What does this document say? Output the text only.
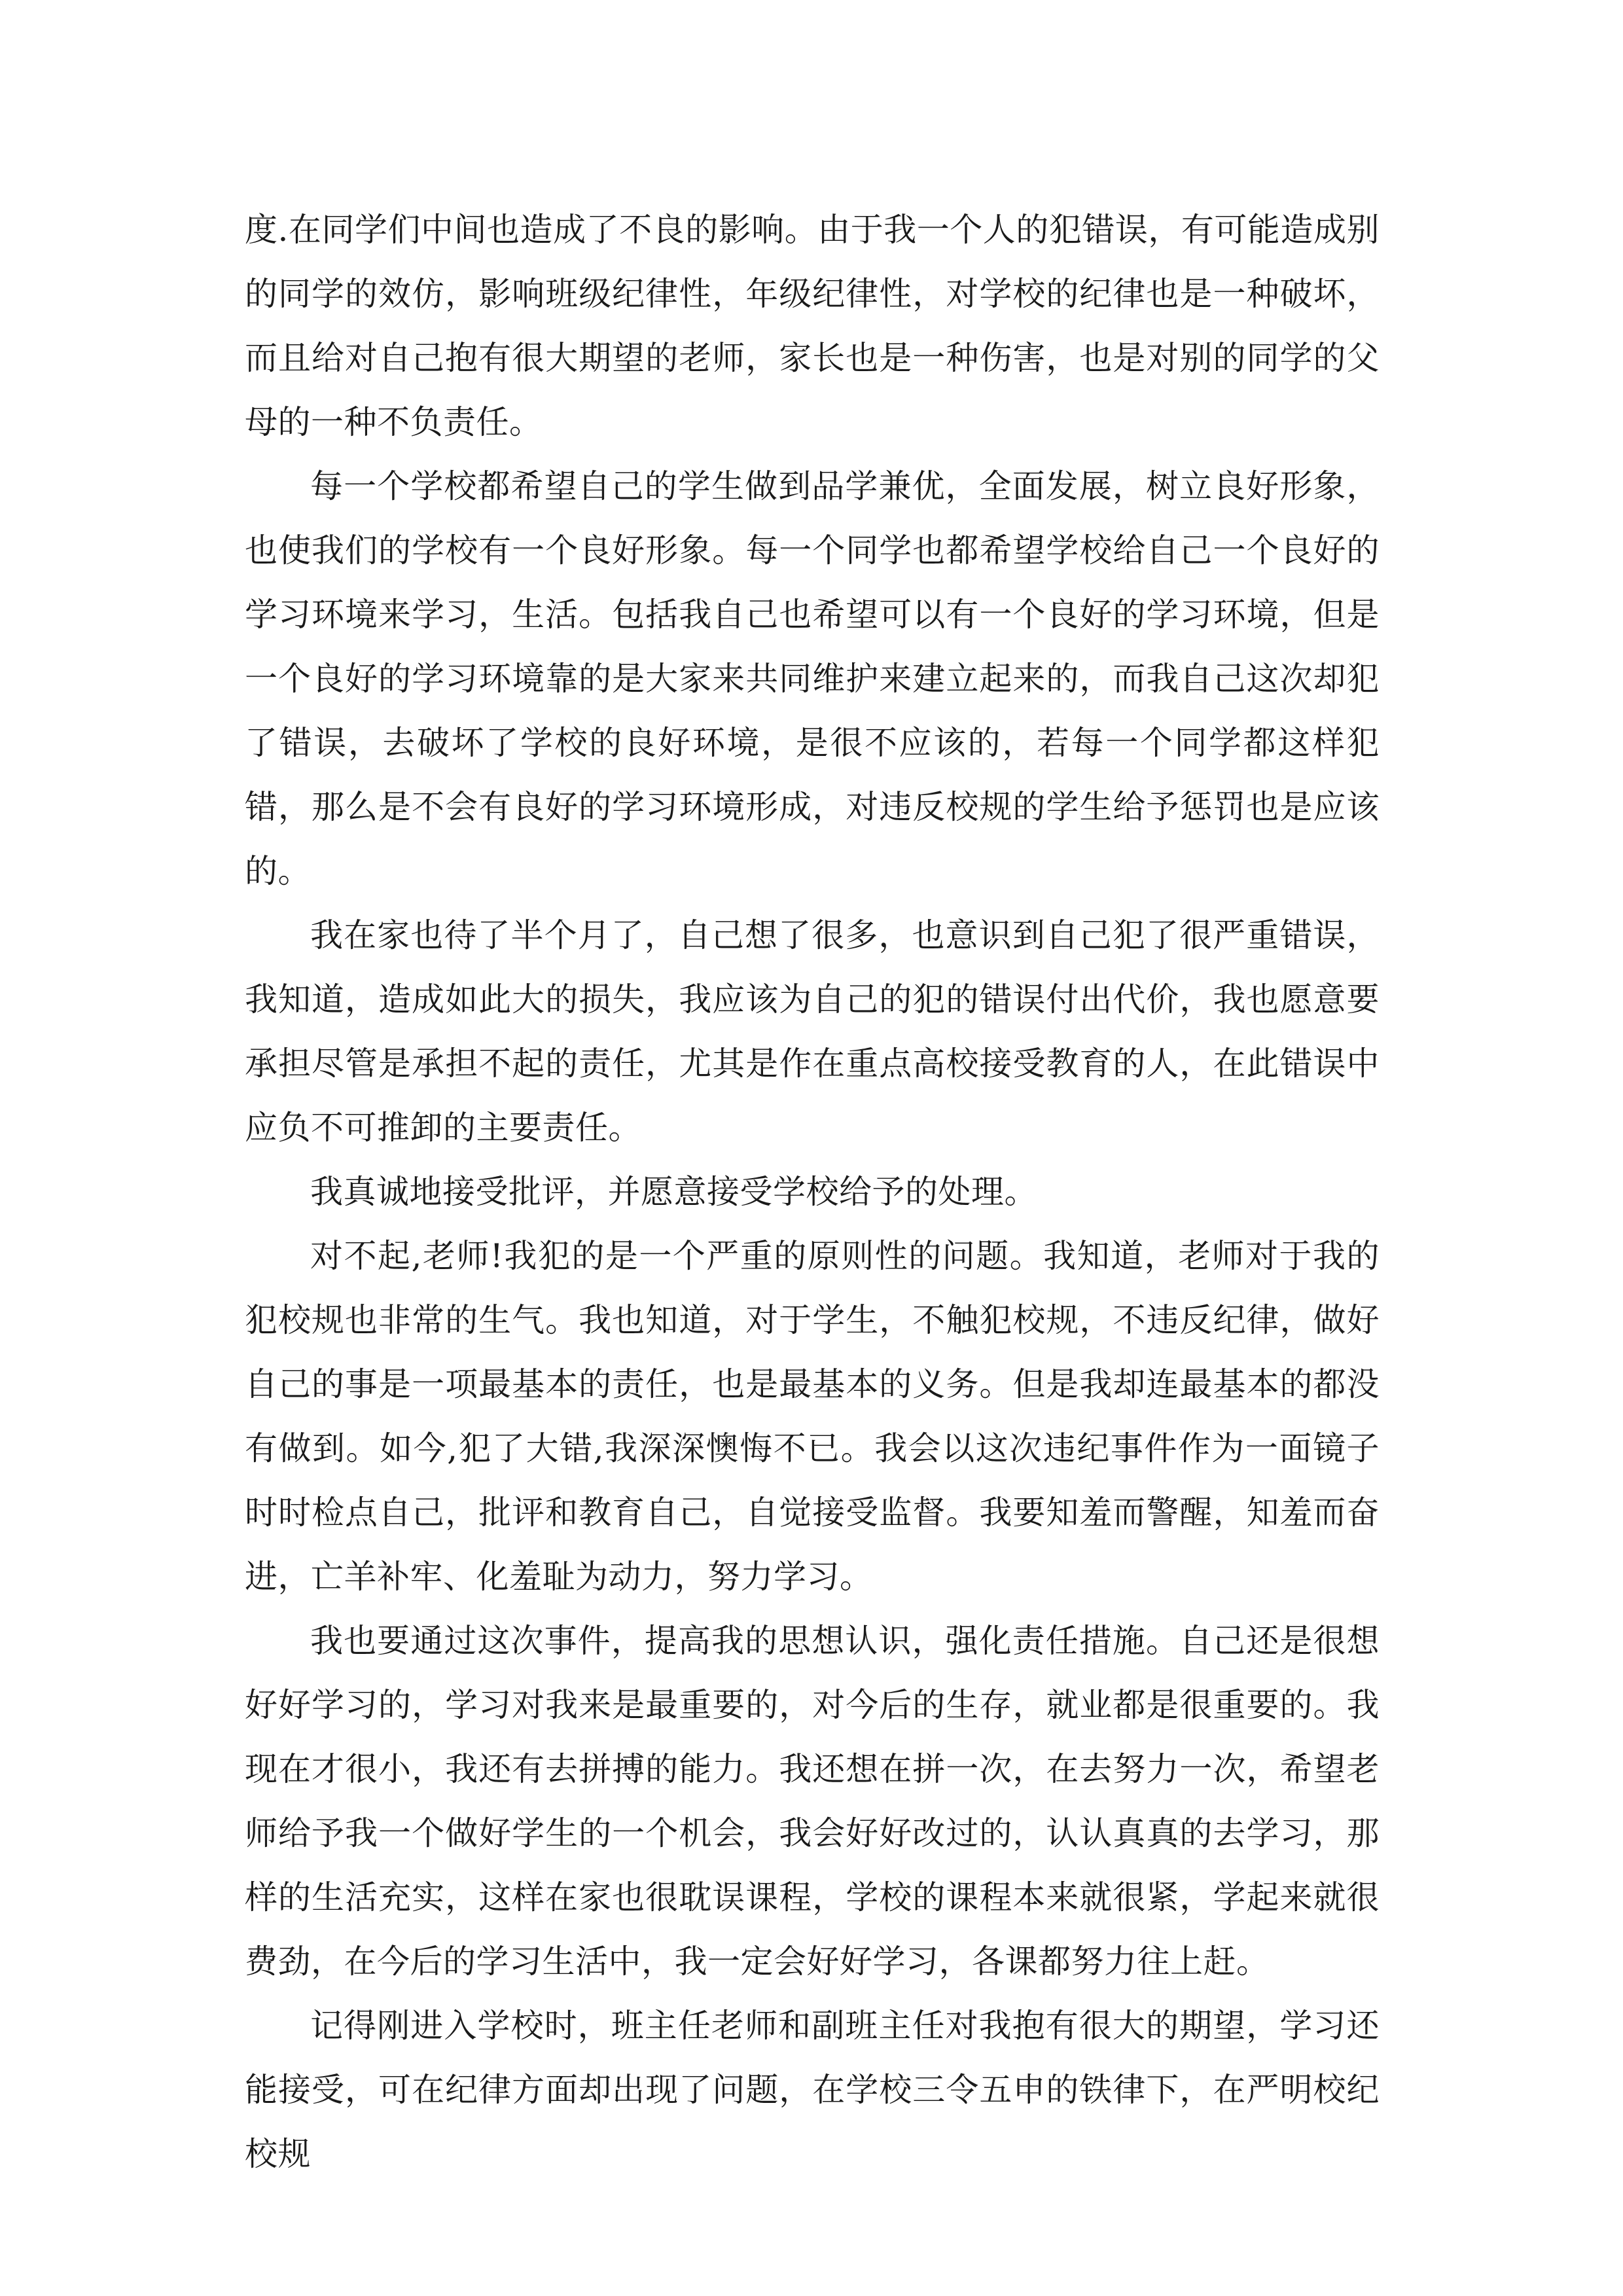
度.在同学们中间也造成了不良的影响。由于我一个人的犯错误，有可能造成别的同学的效仿，影响班级纪律性，年级纪律性，对学校的纪律也是一种破坏，而且给对自己抱有很大期望的老师，家长也是一种伤害，也是对别的同学的父母的一种不负责任。

每一个学校都希望自己的学生做到品学兼优，全面发展，树立良好形象，也使我们的学校有一个良好形象。每一个同学也都希望学校给自己一个良好的学习环境来学习，生活。包括我自己也希望可以有一个良好的学习环境，但是一个良好的学习环境靠的是大家来共同维护来建立起来的，而我自己这次却犯了错误，去破坏了学校的良好环境，是很不应该的，若每一个同学都这样犯错，那么是不会有良好的学习环境形成，对违反校规的学生给予惩罚也是应该的。

我在家也待了半个月了，自己想了很多，也意识到自己犯了很严重错误，我知道，造成如此大的损失，我应该为自己的犯的错误付出代价，我也愿意要承担尽管是承担不起的责任，尤其是作在重点高校接受教育的人，在此错误中应负不可推卸的主要责任。

我真诚地接受批评，并愿意接受学校给予的处理。

对不起,老师!我犯的是一个严重的原则性的问题。我知道，老师对于我的犯校规也非常的生气。我也知道，对于学生，不触犯校规，不违反纪律，做好自己的事是一项最基本的责任，也是最基本的义务。但是我却连最基本的都没有做到。如今,犯了大错,我深深懊悔不已。我会以这次违纪事件作为一面镜子时时检点自己，批评和教育自己，自觉接受监督。我要知羞而警醒，知羞而奋进，亡羊补牢、化羞耻为动力，努力学习。

我也要通过这次事件，提高我的思想认识，强化责任措施。自己还是很想好好学习的，学习对我来是最重要的，对今后的生存，就业都是很重要的。我现在才很小，我还有去拼搏的能力。我还想在拼一次，在去努力一次，希望老师给予我一个做好学生的一个机会，我会好好改过的，认认真真的去学习，那样的生活充实，这样在家也很耽误课程，学校的课程本来就很紧，学起来就很费劲，在今后的学习生活中，我一定会好好学习，各课都努力往上赶。

记得刚进入学校时，班主任老师和副班主任对我抱有很大的期望，学习还能接受，可在纪律方面却出现了问题，在学校三令五申的铁律下，在严明校纪校规
